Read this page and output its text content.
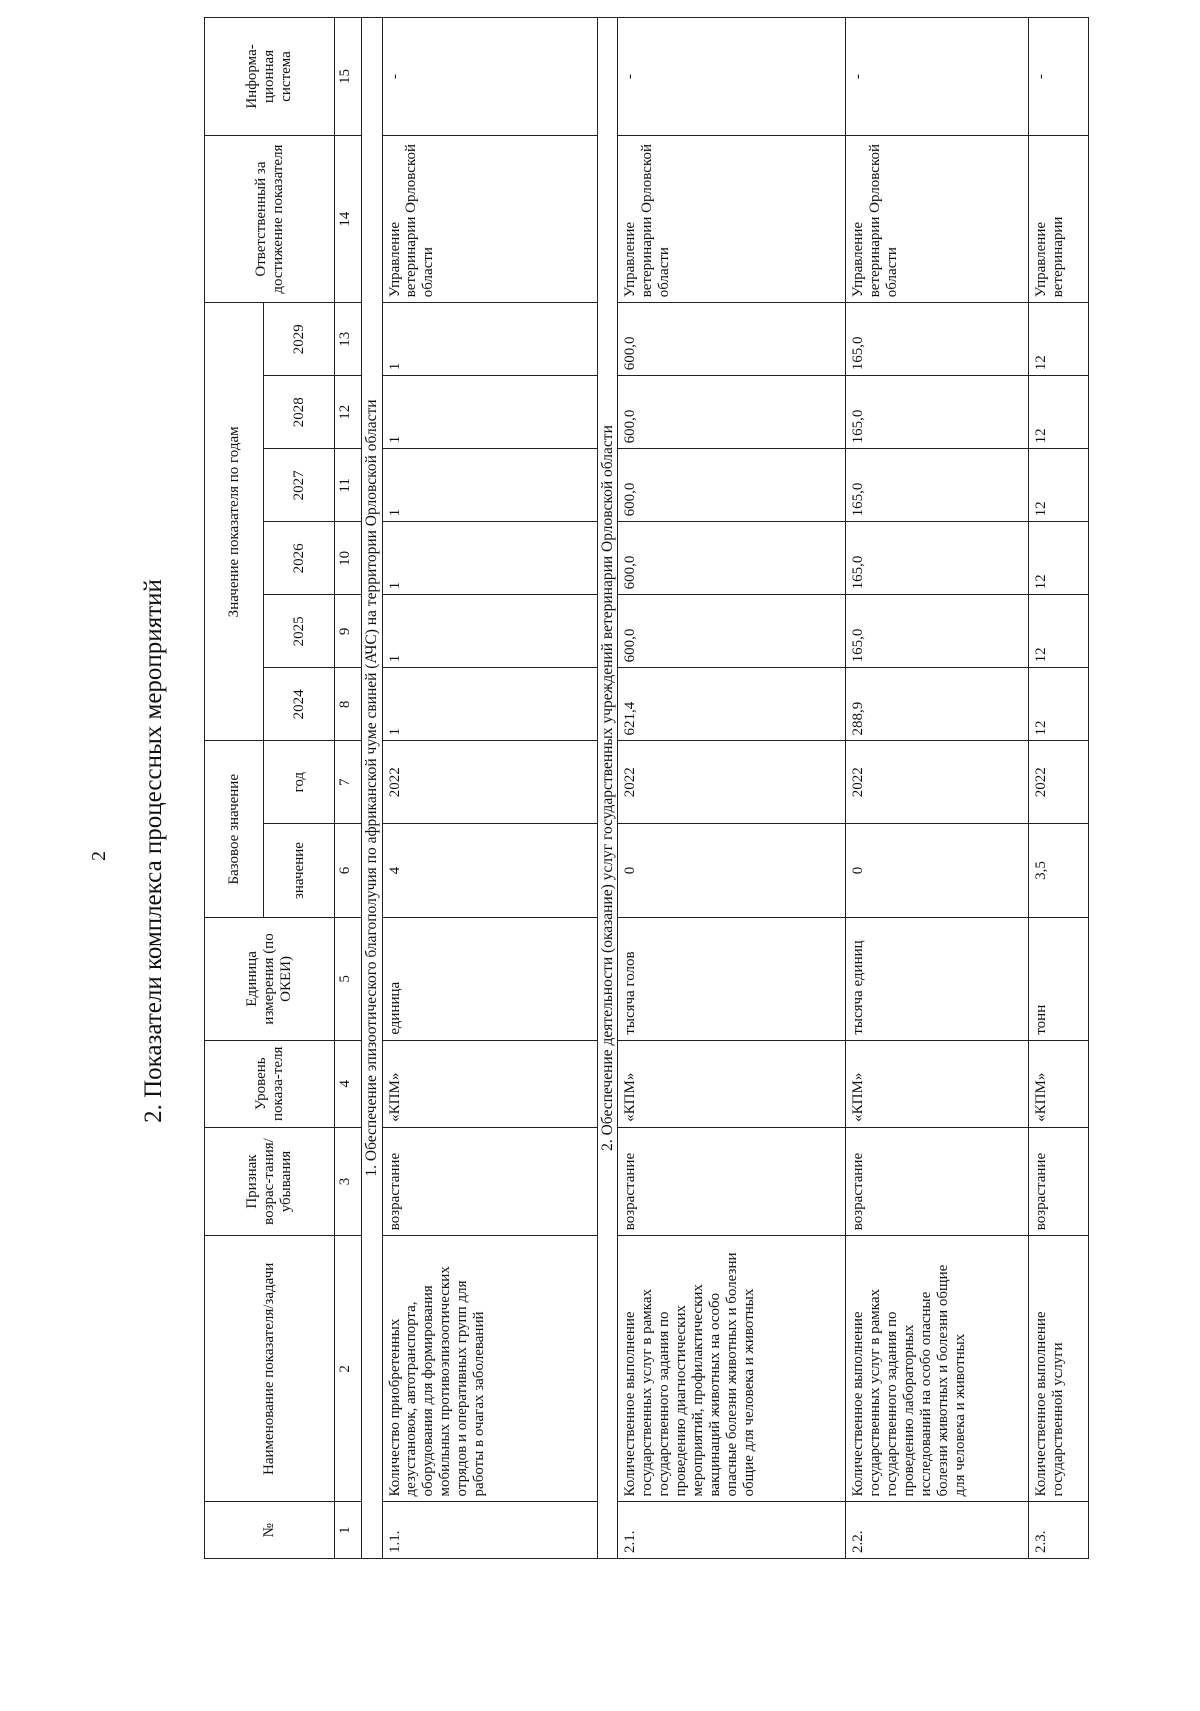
2 2. Показатели комплекса процессных мероприятий
№	Наименование показателя/задачи	Признак возрас-тания/ убывания	Уровень показа-теля	Единица измерения (по ОКЕИ)	Базовое значение		Значение показателя по годам						Ответственный за достижение показателя	Информа-ционная система
					значение	год	2024	2025	2026	2027	2028	2029		
1	2	3	4	5	6	7	8	9	10	11	12	13	14	15
1. Обеспечение эпизоотического благополучия по африканской чуме свиней (АЧС) на территории Орловской области														
1.1.	Количество приобретенных дезустановок, автотранспорта, оборудования для формирования мобильных противоэпизоотических отрядов и оперативных групп для работы в очагах заболеваний	возрастание	«КПМ»	единица	4	2022	1	1	1	1	1	1	Управление ветеринарии Орловской области	-
2. Обеспечение деятельности (оказание) услуг государственных учреждений ветеринарии Орловской области														
2.1.	Количественное выполнение государственных услуг в рамках государственного задания по проведению диагностических мероприятий, профилактических вакцинаций животных на особо опасные болезни животных и болезни общие для человека и животных	возрастание	«КПМ»	тысяча голов	0	2022	621,4	600,0	600,0	600,0	600,0	600,0	Управление ветеринарии Орловской области	-
2.2.	Количественное выполнение государственных услуг в рамках государственного задания по проведению лабораторных исследований на особо опасные болезни животных и болезни общие для человека и животных	возрастание	«КПМ»	тысяча единиц	0	2022	288,9	165,0	165,0	165,0	165,0	165,0	Управление ветеринарии Орловской области	-
2.3.	Количественное выполнение государственной услуги	возрастание	«КПМ»	тонн	3,5	2022	12	12	12	12	12	12	Управление ветеринарии	-
